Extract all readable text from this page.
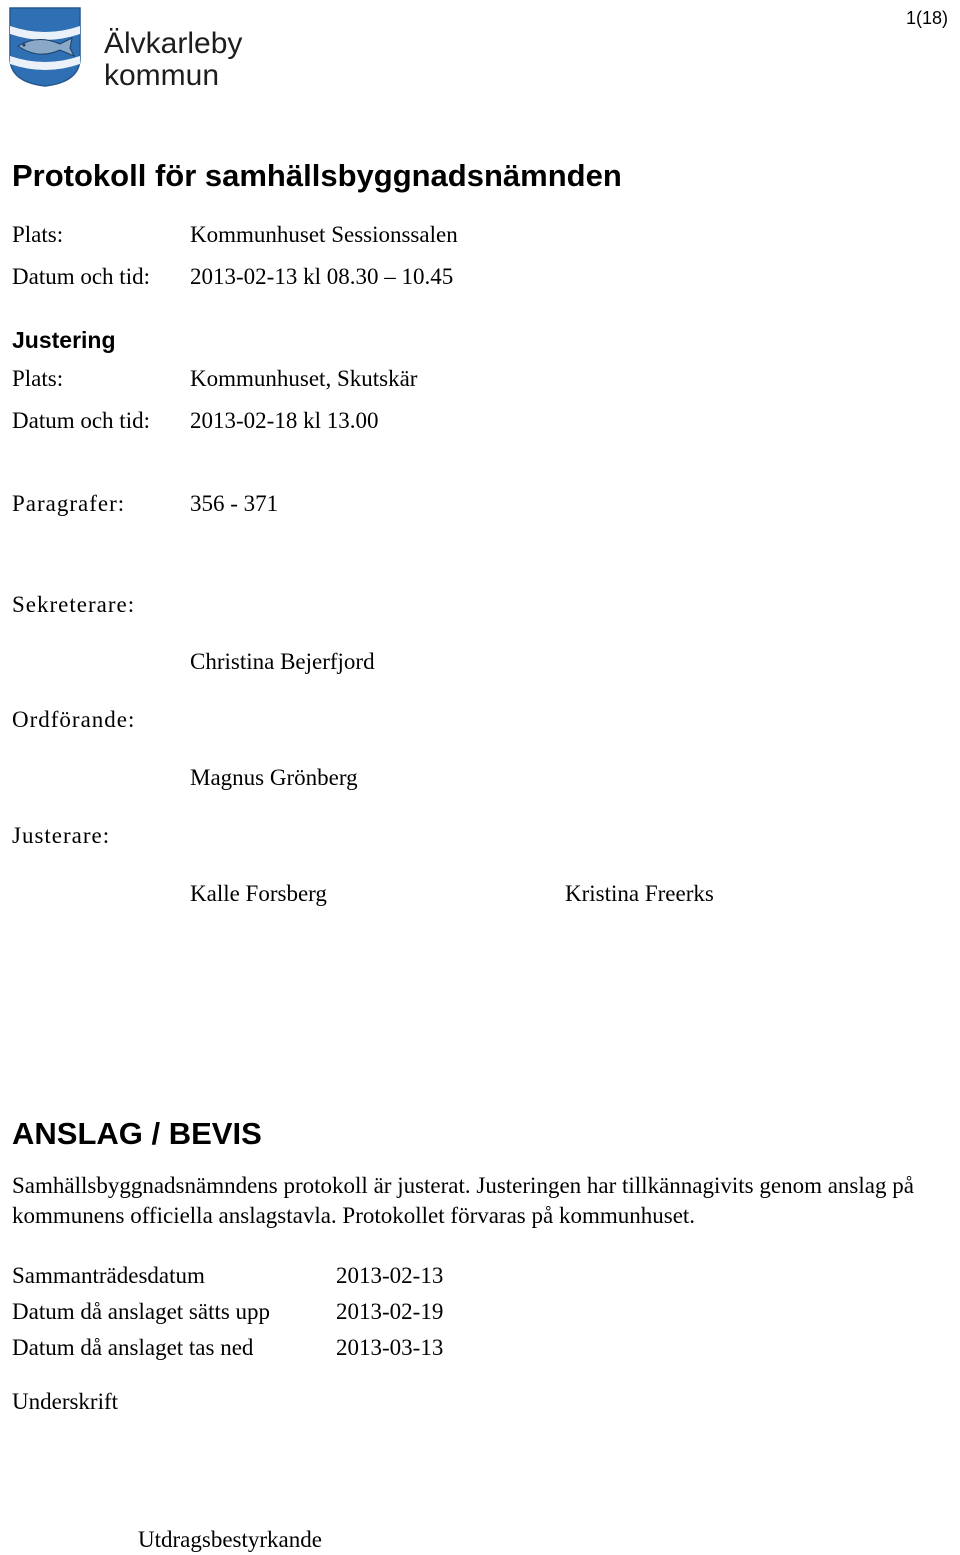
Älvkarleby
kommun
1(18)
Protokoll för samhällsbyggnadsnämnden
Plats:	Kommunhuset Sessionssalen
Datum och tid: 2013-02-13 kl 08.30 – 10.45
Justering
Plats:	Kommunhuset, Skutskär
Datum och tid: 2013-02-18 kl 13.00
Paragrafer:	356 - 371
Sekreterare:
Christina Bejerfjord
Ordförande:
Magnus Grönberg
Justerare:
Kalle Forsberg	Kristina Freerks
ANSLAG / BEVIS
Samhällsbyggnadsnämndens protokoll är justerat. Justeringen har tillkännagivits genom anslag på kommunens officiella anslagstavla. Protokollet förvaras på kommunhuset.
Sammanträdesdatum	2013-02-13
Datum då anslaget sätts upp	2013-02-19
Datum då anslaget tas ned	2013-03-13
Underskrift
Utdragsbestyrkande
